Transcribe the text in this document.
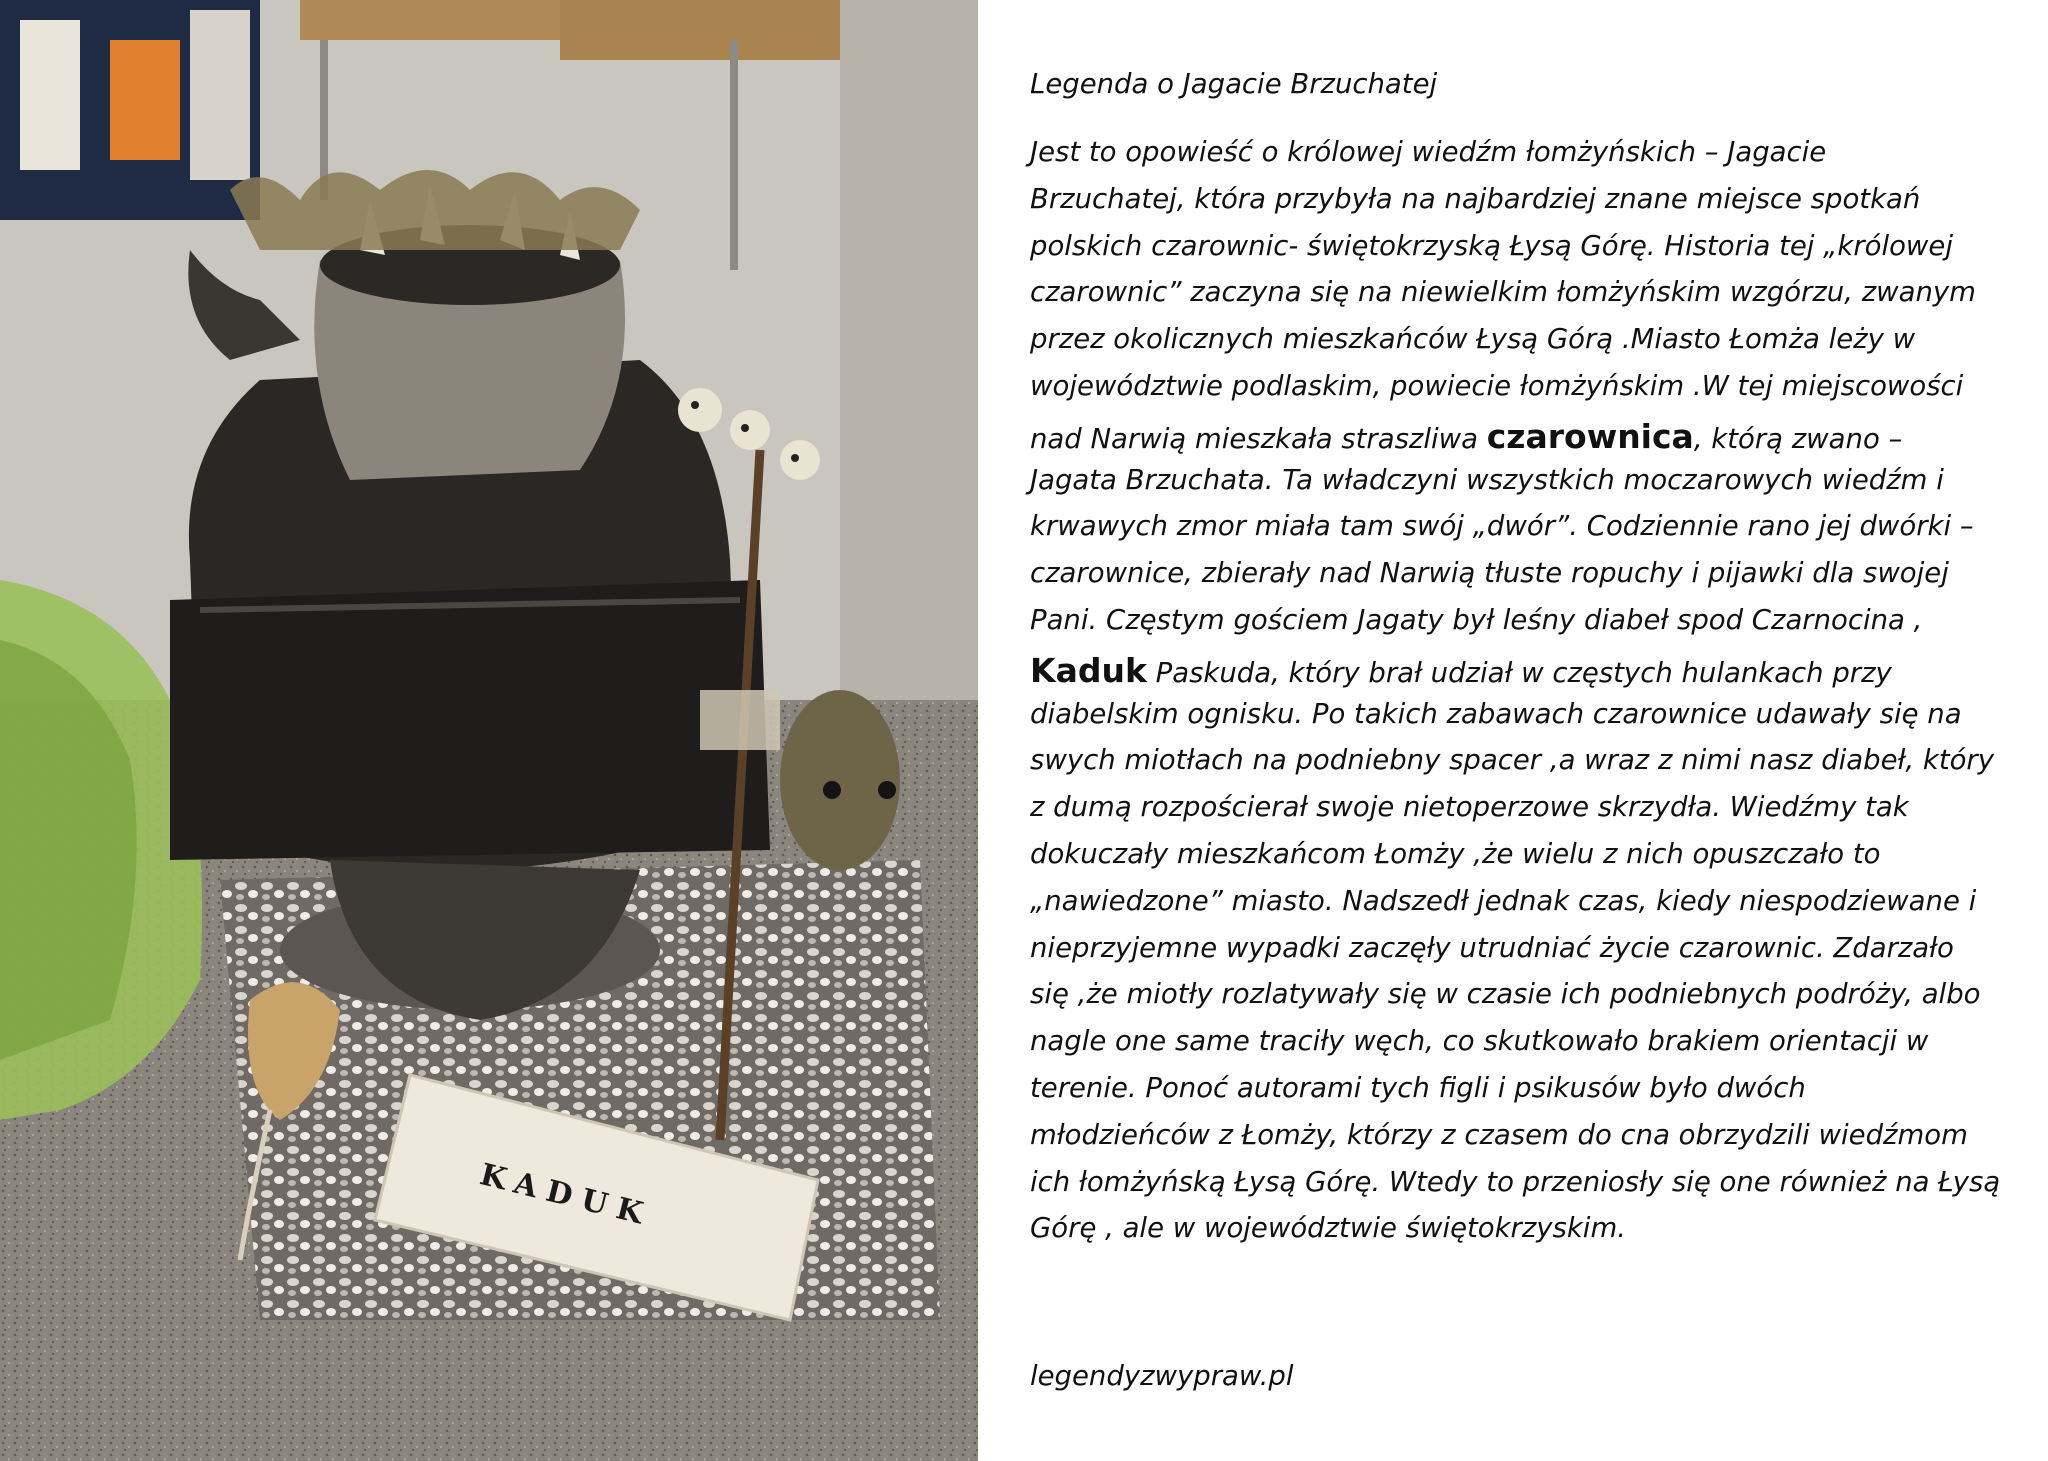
KADUK
Legenda o Jagacie Brzuchatej
Jest to opowieść o królowej wiedźm łomżyńskich – Jagacie
Brzuchatej, która przybyła na najbardziej znane miejsce spotkań
polskich czarownic- świętokrzyską Łysą Górę. Historia tej „królowej
czarownic” zaczyna się na niewielkim łomżyńskim wzgórzu, zwanym
przez okolicznych mieszkańców Łysą Górą .Miasto Łomża leży w
województwie podlaskim, powiecie łomżyńskim .W tej miejscowości
nad Narwią mieszkała straszliwa czarownica, którą zwano –
Jagata Brzuchata. Ta władczyni wszystkich moczarowych wiedźm i
krwawych zmor miała tam swój „dwór”. Codziennie rano jej dwórki –
czarownice, zbierały nad Narwią tłuste ropuchy i pijawki dla swojej
Pani. Częstym gościem Jagaty był leśny diabeł spod Czarnocina ,
Kaduk Paskuda, który brał udział w częstych hulankach przy
diabelskim ognisku. Po takich zabawach czarownice udawały się na
swych miotłach na podniebny spacer ,a wraz z nimi nasz diabeł, który
z dumą rozpościerał swoje nietoperzowe skrzydła. Wiedźmy tak
dokuczały mieszkańcom Łomży ,że wielu z nich opuszczało to
„nawiedzone” miasto. Nadszedł jednak czas, kiedy niespodziewane i
nieprzyjemne wypadki zaczęły utrudniać życie czarownic. Zdarzało
się ,że miotły rozlatywały się w czasie ich podniebnych podróży, albo
nagle one same traciły węch, co skutkowało brakiem orientacji w
terenie. Ponoć autorami tych figli i psikusów było dwóch
młodzieńców z Łomży, którzy z czasem do cna obrzydzili wiedźmom
ich łomżyńską Łysą Górę. Wtedy to przeniosły się one również na Łysą
Górę , ale w województwie świętokrzyskim.
legendyzwypraw.pl
